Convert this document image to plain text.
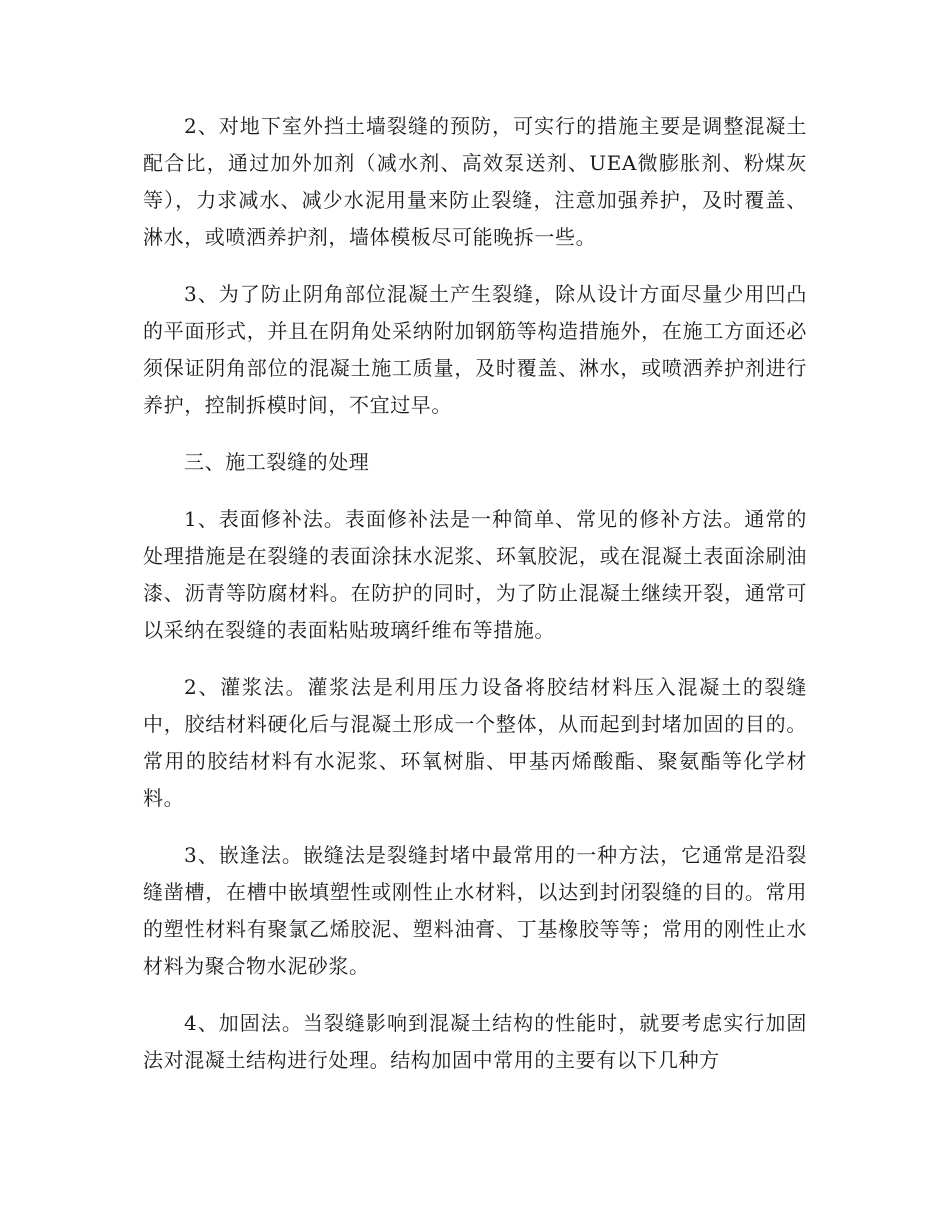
2、对地下室外挡土墙裂缝的预防，可实行的措施主要是调整混凝土配合比，通过加外加剂（减水剂、高效泵送剂、UEA微膨胀剂、粉煤灰等），力求减水、减少水泥用量来防止裂缝，注意加强养护，及时覆盖、淋水，或喷洒养护剂，墙体模板尽可能晚拆一些。

3、为了防止阴角部位混凝土产生裂缝，除从设计方面尽量少用凹凸的平面形式，并且在阴角处采纳附加钢筋等构造措施外，在施工方面还必须保证阴角部位的混凝土施工质量，及时覆盖、淋水，或喷洒养护剂进行养护，控制拆模时间，不宜过早。

三、施工裂缝的处理

1、表面修补法。表面修补法是一种简单、常见的修补方法。通常的处理措施是在裂缝的表面涂抹水泥浆、环氧胶泥，或在混凝土表面涂刷油漆、沥青等防腐材料。在防护的同时，为了防止混凝土继续开裂，通常可以采纳在裂缝的表面粘贴玻璃纤维布等措施。

2、灌浆法。灌浆法是利用压力设备将胶结材料压入混凝土的裂缝中，胶结材料硬化后与混凝土形成一个整体，从而起到封堵加固的目的。常用的胶结材料有水泥浆、环氧树脂、甲基丙烯酸酯、聚氨酯等化学材料。

3、嵌逢法。嵌缝法是裂缝封堵中最常用的一种方法，它通常是沿裂缝凿槽，在槽中嵌填塑性或刚性止水材料，以达到封闭裂缝的目的。常用的塑性材料有聚氯乙烯胶泥、塑料油膏、丁基橡胶等等；常用的刚性止水材料为聚合物水泥砂浆。

4、加固法。当裂缝影响到混凝土结构的性能时，就要考虑实行加固法对混凝土结构进行处理。结构加固中常用的主要有以下几种方
